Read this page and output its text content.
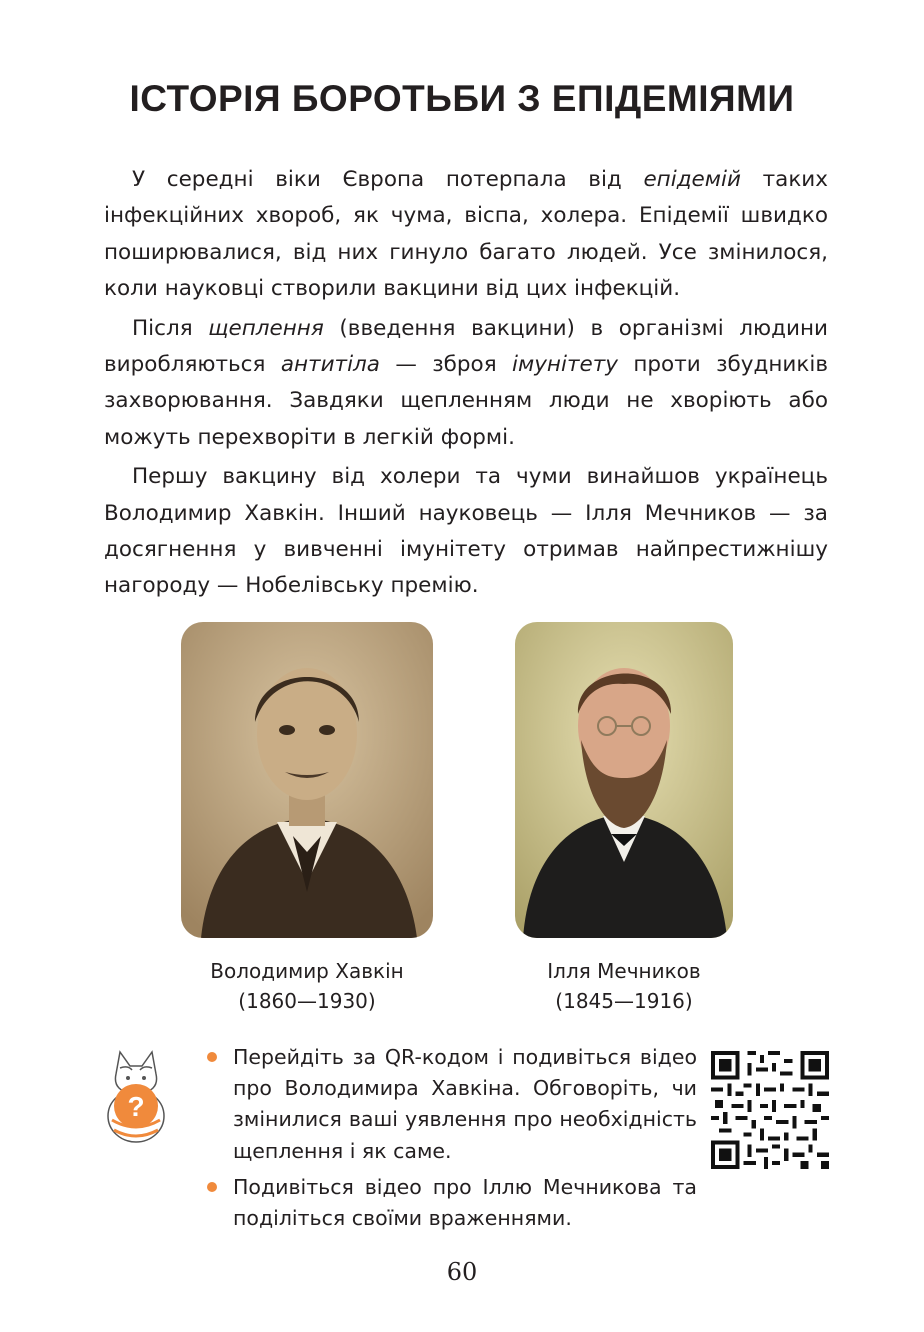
ІСТОРІЯ БОРОТЬБИ З ЕПІДЕМІЯМИ

У середні віки Європа потерпала від епідемій таких інфекційних хвороб, як чума, віспа, холера. Епідемії швидко поширювалися, від них гинуло багато людей. Усе змінилося, коли науковці створили вакцини від цих інфекцій.

Після щеплення (введення вакцини) в організмі людини виробляються антитіла — зброя імунітету проти збудників захворювання. Завдяки щепленням люди не хворіють або можуть перехворіти в легкій формі.

Першу вакцину від холери та чуми винайшов українець Володимир Хавкін. Інший науковець — Ілля Мечников — за досягнення у вивченні імунітету отримав найпрестижнішу нагороду — Нобелівську премію.

Володимир Хавкін
(1860—1930)
Ілля Мечников
(1845—1916)
?
Перейдіть за QR-кодом і подивіться відео про Володимира Хавкіна. Обговоріть, чи змінилися ваші уявлення про необхідність щеплення і як саме.
Подивіться відео про Іллю Мечникова та поділіться своїми враженнями.
60
